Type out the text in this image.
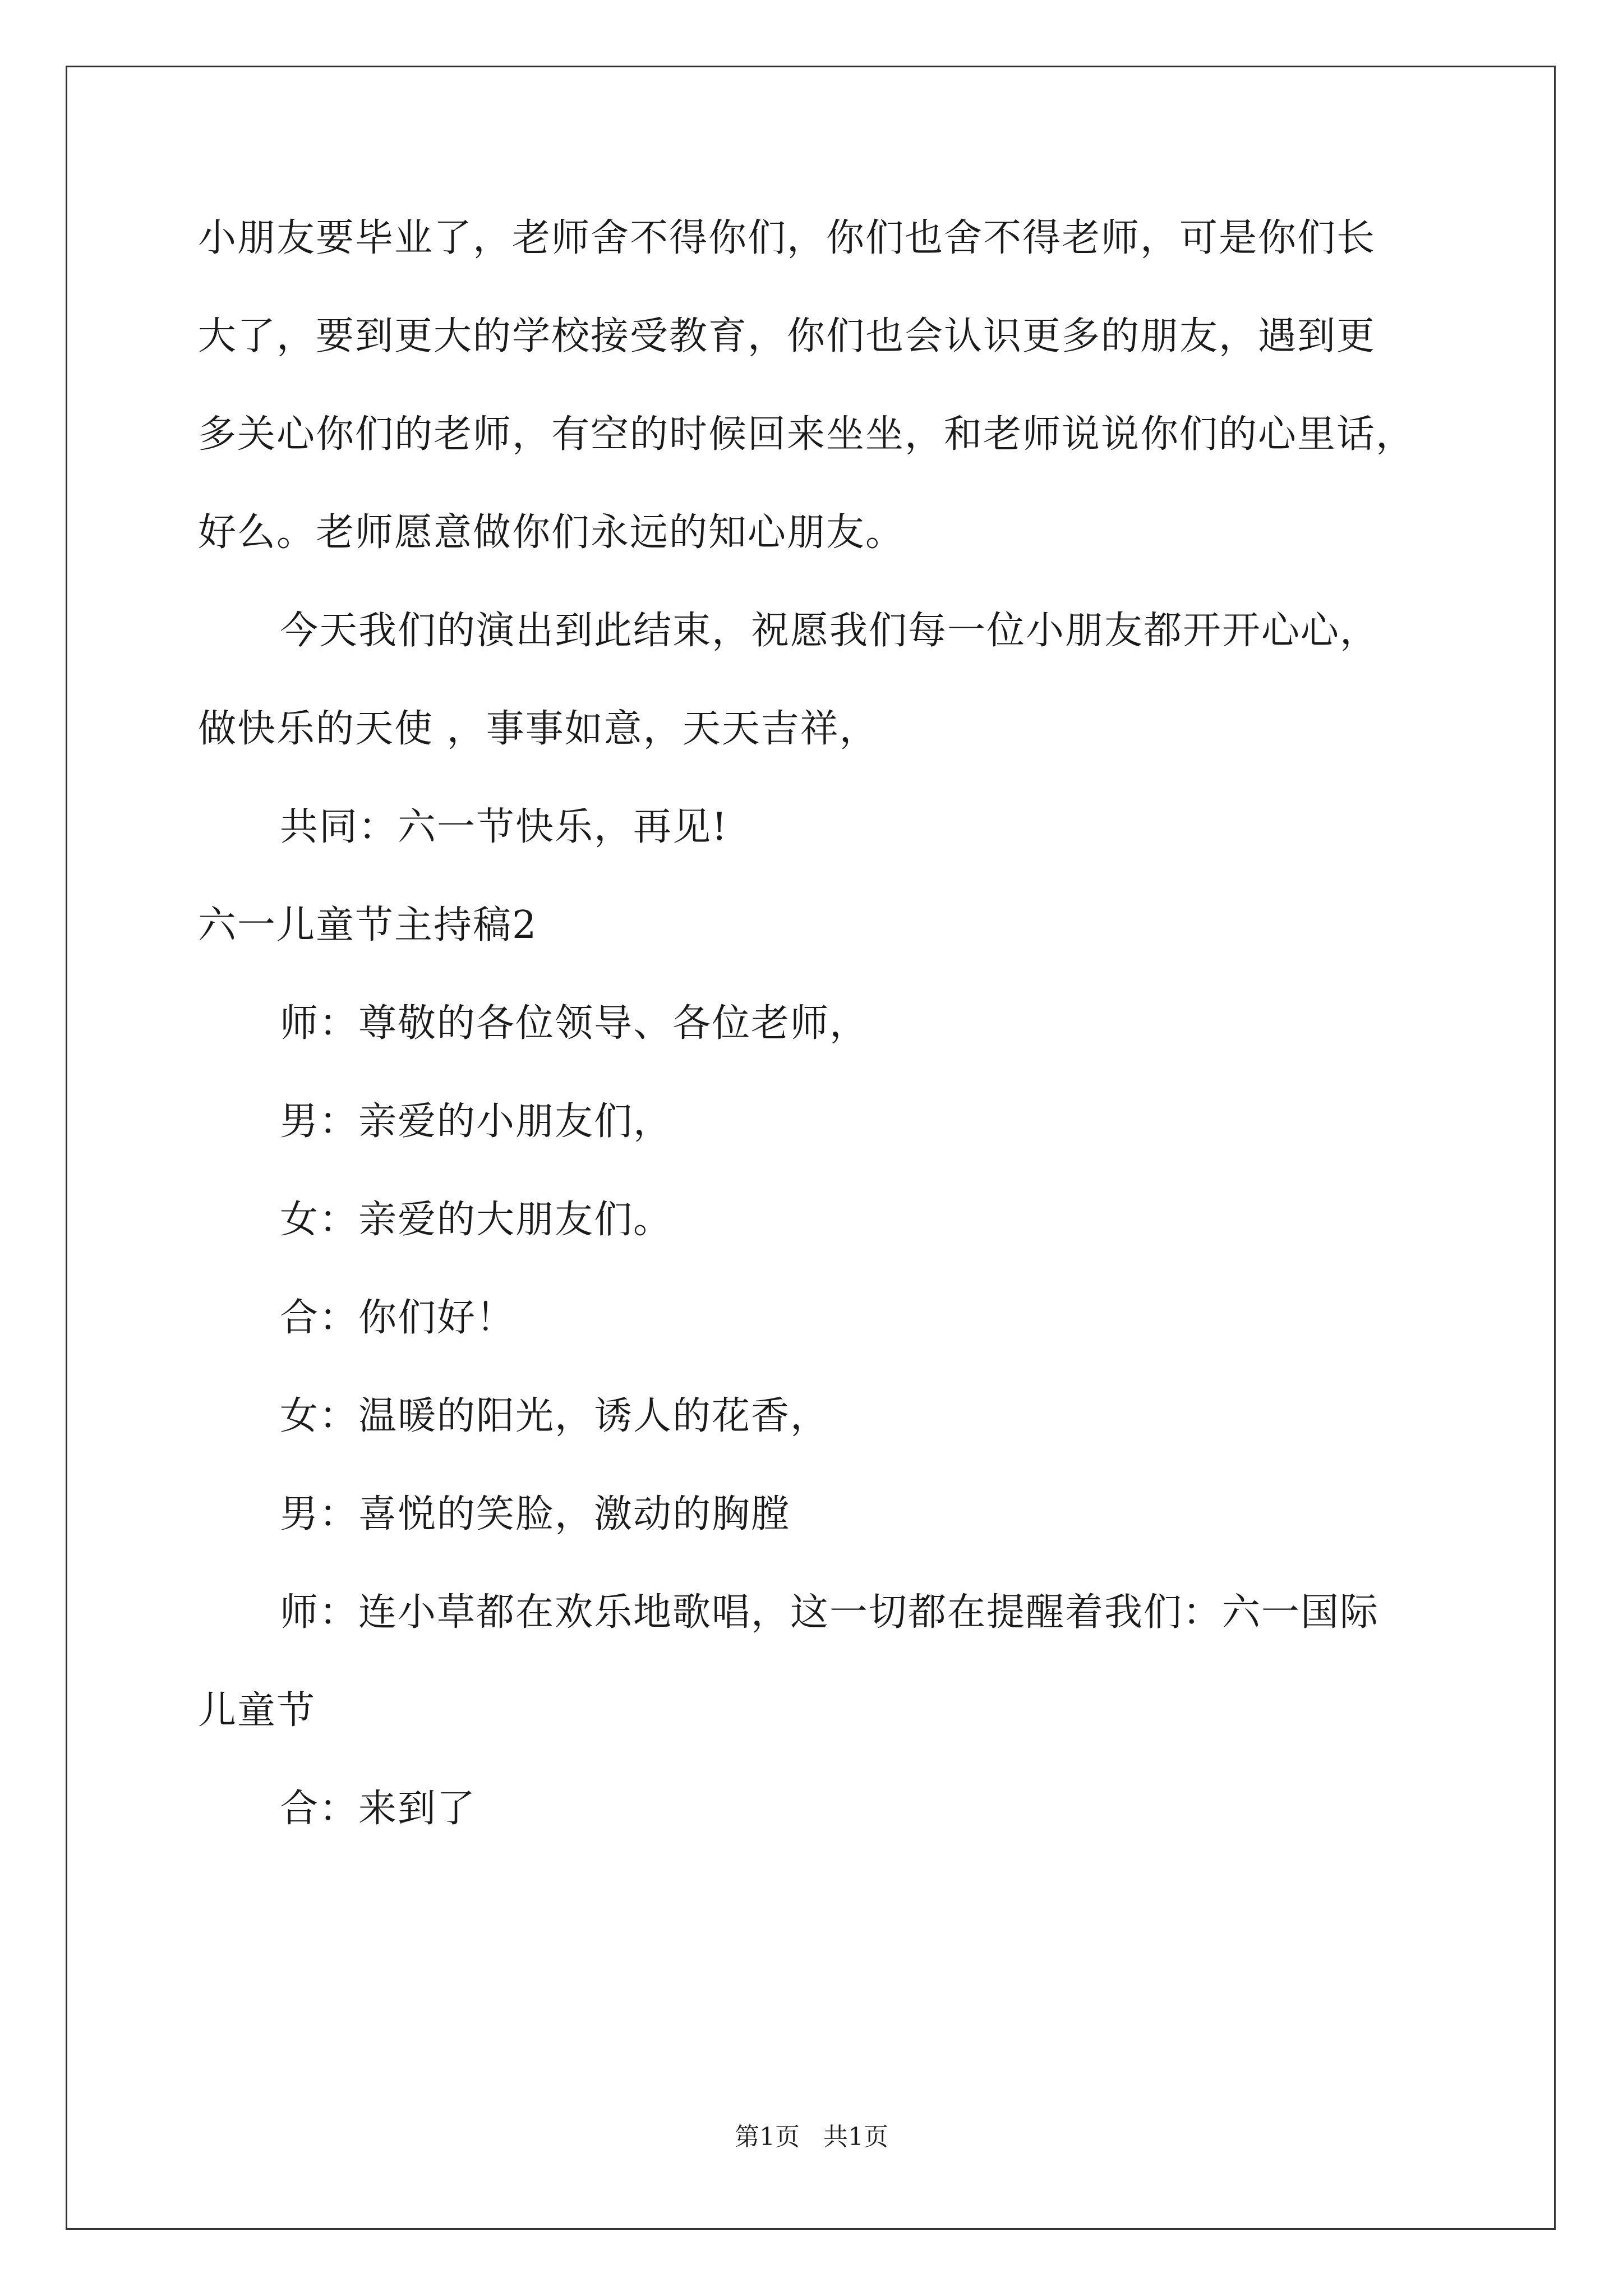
小朋友要毕业了，老师舍不得你们，你们也舍不得老师，可是你们长
大了，要到更大的学校接受教育，你们也会认识更多的朋友，遇到更
多关心你们的老师，有空的时候回来坐坐，和老师说说你们的心里话，
好么。老师愿意做你们永远的知心朋友。
今天我们的演出到此结束，祝愿我们每一位小朋友都开开心心，
做快乐的天使 ，事事如意，天天吉祥，
共同：六一节快乐，再见!
六一儿童节主持稿2
师：尊敬的各位领导、各位老师，
男：亲爱的小朋友们，
女：亲爱的大朋友们。
合：你们好！
女：温暖的阳光，诱人的花香，
男：喜悦的笑脸，激动的胸膛
师：连小草都在欢乐地歌唱，这一切都在提醒着我们：六一国际
儿童节
合：来到了
第1页   共1页
